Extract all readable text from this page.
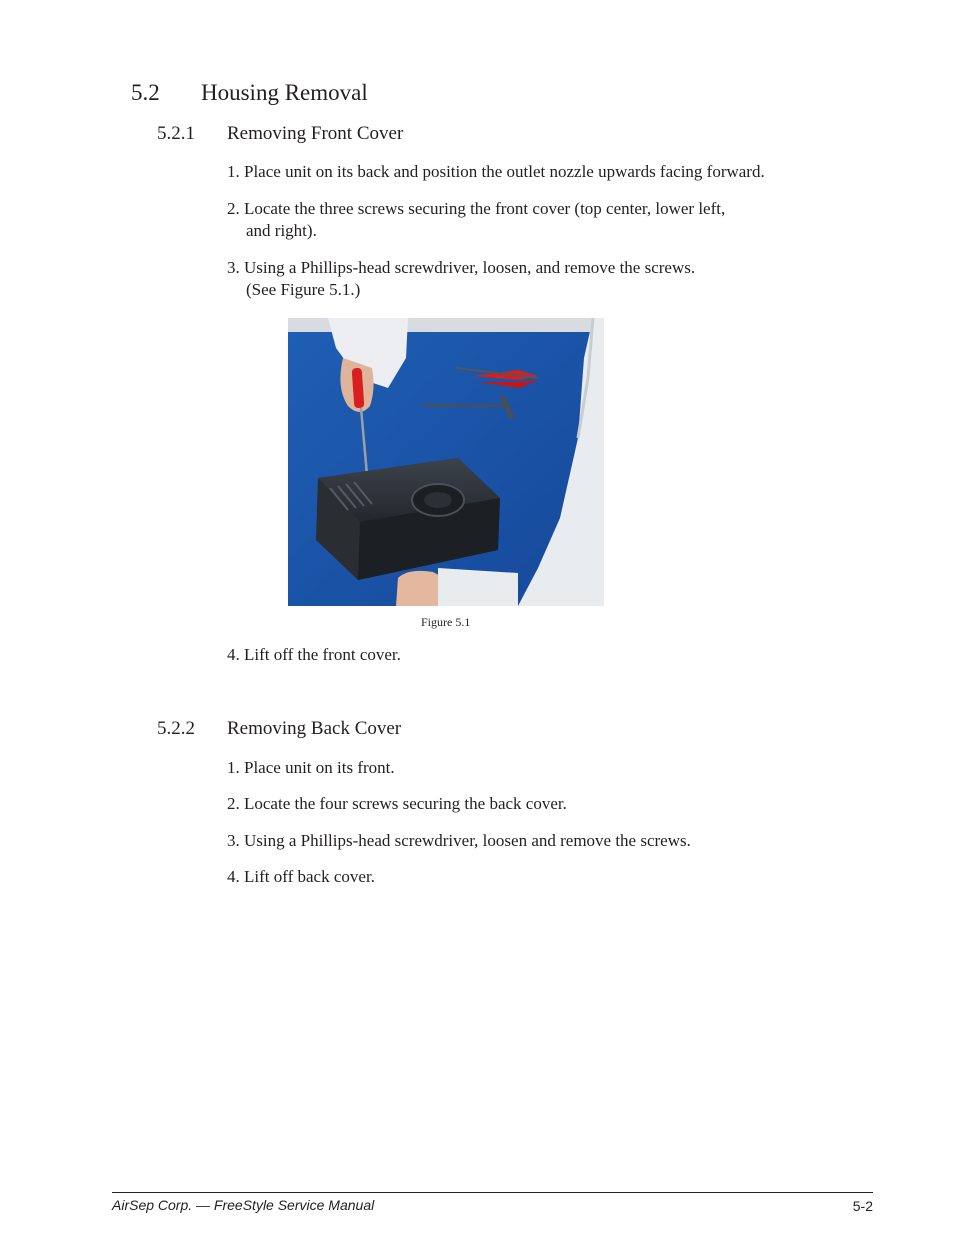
5.2 Housing Removal
5.2.1 Removing Front Cover
1. Place unit on its back and position the outlet nozzle upwards facing forward.
2. Locate the three screws securing the front cover (top center, lower left,
and right).
3. Using a Phillips-head screwdriver, loosen, and remove the screws.
(See Figure 5.1.)
Figure 5.1
4. Lift off the front cover.
5.2.2 Removing Back Cover
1. Place unit on its front.
2. Locate the four screws securing the back cover.
3. Using a Phillips-head screwdriver, loosen and remove the screws.
4. Lift off back cover.
AirSep Corp. — FreeStyle Service Manual	5-2
